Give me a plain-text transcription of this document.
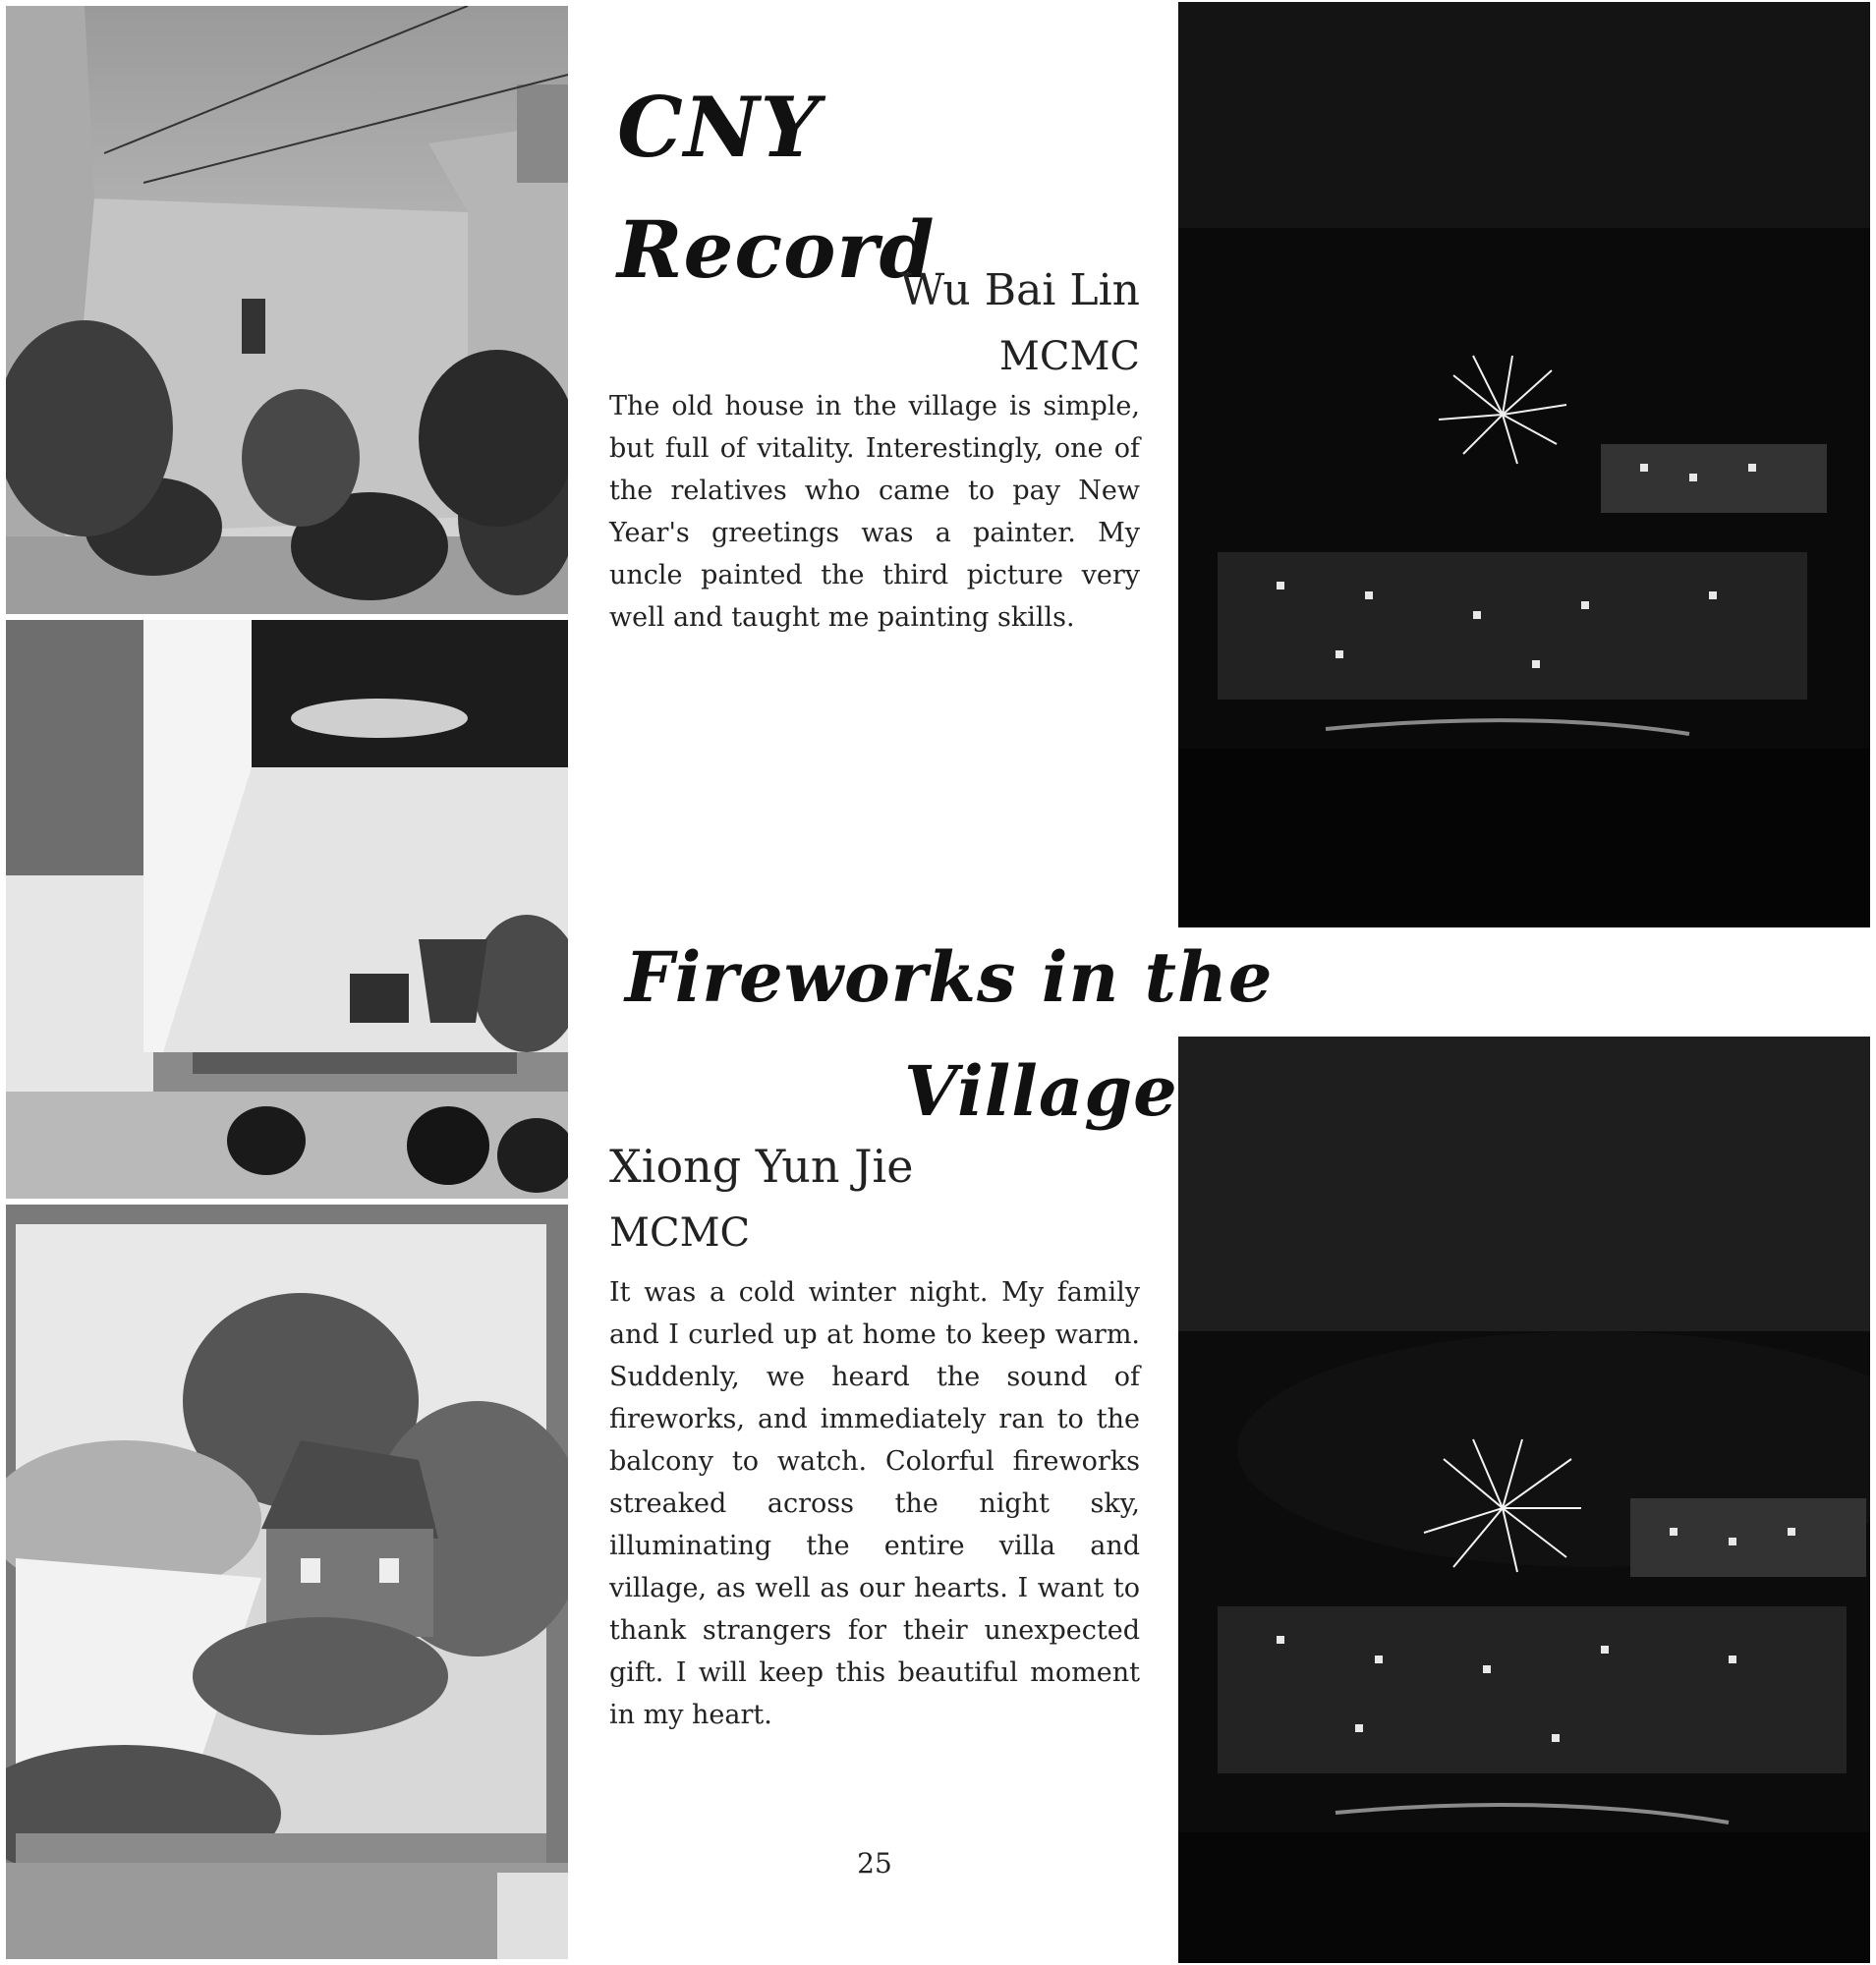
CNY
Record

Wu Bai Lin

MCMC

The old house in the village is simple, but full of vitality. Interestingly, one of the relatives who came to pay New Year's greetings was a painter. My uncle painted the third picture very well and taught me painting skills.

Fireworks in the
Village

Xiong Yun Jie

MCMC

It was a cold winter night. My family and I curled up at home to keep warm. Suddenly, we heard the sound of fireworks, and immediately ran to the balcony to watch. Colorful fireworks streaked across the night sky, illuminating the entire villa and village, as well as our hearts. I want to thank strangers for their unexpected gift. I will keep this beautiful moment in my heart.

25
